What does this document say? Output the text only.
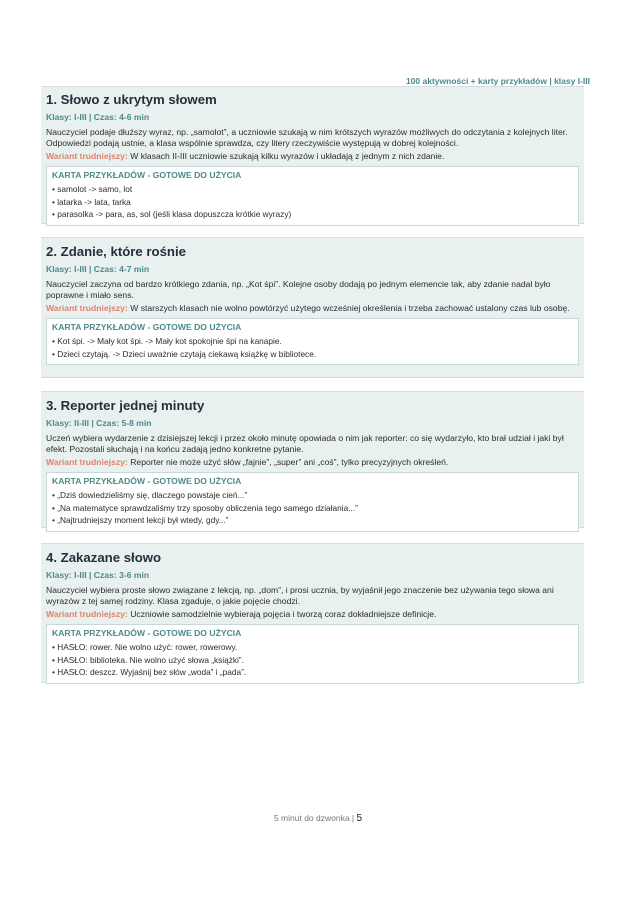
100 aktywności + karty przykładów | klasy I-III
1. Słowo z ukrytym słowem
Klasy: I-III | Czas: 4-6 min
Nauczyciel podaje dłuższy wyraz, np. „samolot”, a uczniowie szukają w nim krótszych wyrazów możliwych do odczytania z kolejnych liter. Odpowiedzi podają ustnie, a klasa wspólnie sprawdza, czy litery rzeczywiście występują w dobrej kolejności.
Wariant trudniejszy: W klasach II-III uczniowie szukają kilku wyrazów i układają z jednym z nich zdanie.
KARTA PRZYKŁADÓW - GOTOWE DO UŻYCIA
• samolot -> samo, lot
• latarka -> lata, tarka
• parasolka -> para, as, sol (jeśli klasa dopuszcza krótkie wyrazy)
2. Zdanie, które rośnie
Klasy: I-III | Czas: 4-7 min
Nauczyciel zaczyna od bardzo krótkiego zdania, np. „Kot śpi”. Kolejne osoby dodają po jednym elemencie tak, aby zdanie nadal było poprawne i miało sens.
Wariant trudniejszy: W starszych klasach nie wolno powtórzyć użytego wcześniej określenia i trzeba zachować ustalony czas lub osobę.
KARTA PRZYKŁADÓW - GOTOWE DO UŻYCIA
• Kot śpi. -> Mały kot śpi. -> Mały kot spokojnie śpi na kanapie.
• Dzieci czytają. -> Dzieci uważnie czytają ciekawą książkę w bibliotece.
3. Reporter jednej minuty
Klasy: II-III | Czas: 5-8 min
Uczeń wybiera wydarzenie z dzisiejszej lekcji i przez około minutę opowiada o nim jak reporter: co się wydarzyło, kto brał udział i jaki był efekt. Pozostali słuchają i na końcu zadają jedno konkretne pytanie.
Wariant trudniejszy: Reporter nie może użyć słów „fajnie”, „super” ani „coś”, tylko precyzyjnych określeń.
KARTA PRZYKŁADÓW - GOTOWE DO UŻYCIA
• „Dziś dowiedzieliśmy się, dlaczego powstaje cień...”
• „Na matematyce sprawdzaliśmy trzy sposoby obliczenia tego samego działania...”
• „Najtrudniejszy moment lekcji był wtedy, gdy...”
4. Zakazane słowo
Klasy: I-III | Czas: 3-6 min
Nauczyciel wybiera proste słowo związane z lekcją, np. „dom”, i prosi ucznia, by wyjaśnił jego znaczenie bez używania tego słowa ani wyrazów z tej samej rodziny. Klasa zgaduje, o jakie pojęcie chodzi.
Wariant trudniejszy: Uczniowie samodzielnie wybierają pojęcia i tworzą coraz dokładniejsze definicje.
KARTA PRZYKŁADÓW - GOTOWE DO UŻYCIA
• HASŁO: rower. Nie wolno użyć: rower, rowerowy.
• HASŁO: biblioteka. Nie wolno użyć słowa „książki”.
• HASŁO: deszcz. Wyjaśnij bez słów „woda” i „pada”.
5 minut do dzwonka | 5
